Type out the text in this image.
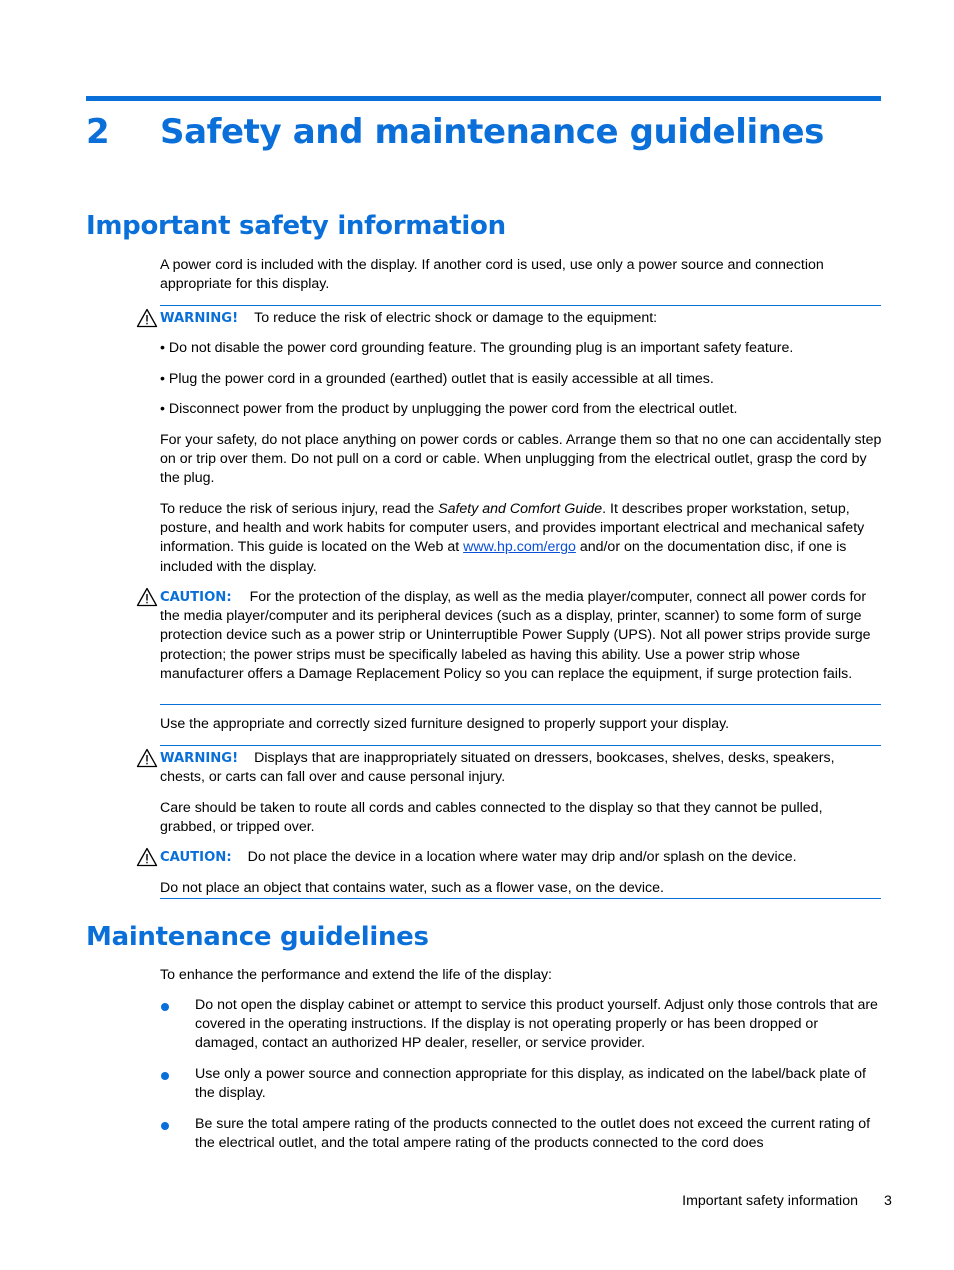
2 Safety and maintenance guidelines
Important safety information

A power cord is included with the display. If another cord is used, use only a power source and connection appropriate for this display.

WARNING! To reduce the risk of electric shock or damage to the equipment:

• Do not disable the power cord grounding feature. The grounding plug is an important safety feature.

• Plug the power cord in a grounded (earthed) outlet that is easily accessible at all times.

• Disconnect power from the product by unplugging the power cord from the electrical outlet.

For your safety, do not place anything on power cords or cables. Arrange them so that no one can accidentally step on or trip over them. Do not pull on a cord or cable. When unplugging from the electrical outlet, grasp the cord by the plug.

To reduce the risk of serious injury, read the Safety and Comfort Guide. It describes proper workstation, setup, posture, and health and work habits for computer users, and provides important electrical and mechanical safety information. This guide is located on the Web at www.hp.com/ergo and/or on the documentation disc, if one is included with the display.

CAUTION: For the protection of the display, as well as the media player/computer, connect all power cords for the media player/computer and its peripheral devices (such as a display, printer, scanner) to some form of surge protection device such as a power strip or Uninterruptible Power Supply (UPS). Not all power strips provide surge protection; the power strips must be specifically labeled as having this ability. Use a power strip whose manufacturer offers a Damage Replacement Policy so you can replace the equipment, if surge protection fails.

Use the appropriate and correctly sized furniture designed to properly support your display.

WARNING! Displays that are inappropriately situated on dressers, bookcases, shelves, desks, speakers, chests, or carts can fall over and cause personal injury.

Care should be taken to route all cords and cables connected to the display so that they cannot be pulled, grabbed, or tripped over.

CAUTION: Do not place the device in a location where water may drip and/or splash on the device.

Do not place an object that contains water, such as a flower vase, on the device.

Maintenance guidelines

To enhance the performance and extend the life of the display:

Do not open the display cabinet or attempt to service this product yourself. Adjust only those controls that are covered in the operating instructions. If the display is not operating properly or has been dropped or damaged, contact an authorized HP dealer, reseller, or service provider.

Use only a power source and connection appropriate for this display, as indicated on the label/back plate of the display.

Be sure the total ampere rating of the products connected to the outlet does not exceed the current rating of the electrical outlet, and the total ampere rating of the products connected to the cord does

Important safety information 3
